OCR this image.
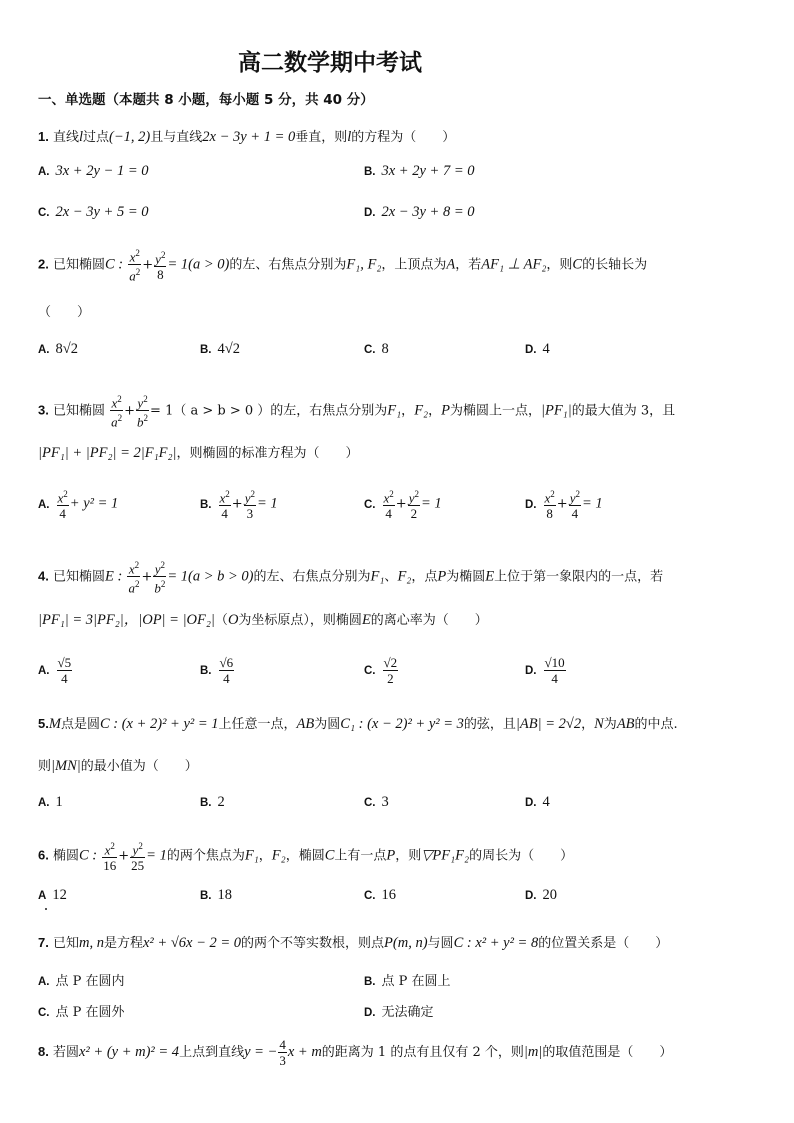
高二数学期中考试
一、单选题（本题共 8 小题，每小题 5 分，共 40 分）
1. 直线l过点(−1, 2)且与直线2x − 3y + 1 = 0垂直，则l的方程为（　　）
A. 3x + 2y − 1 = 0	B. 3x + 2y + 7 = 0
C. 2x − 3y + 5 = 0	D. 2x − 3y + 8 = 0
2. 已知椭圆C : $\frac{x^2}{a^2} + \frac{y^2}{8} = 1(a > 0)$的左、右焦点分别为F₁, F₂，上顶点为A，若AF₁ ⊥ AF₂，则C的长轴长为
（　　）
A. 8√2	B. 4√2	C. 8	D. 4
3. 已知椭圆 $\frac{x^2}{a^2} + \frac{y^2}{b^2} = 1$（ a > b > 0 ）的左，右焦点分别为F₁，F₂，P为椭圆上一点，|PF₁|的最大值为 3，且
|PF₁| + |PF₂| = 2|F₁F₂|，则椭圆的标准方程为（　　）
A. $\frac{x^2}{4} + y^2 = 1$	B. $\frac{x^2}{4} + \frac{y^2}{3} = 1$	C. $\frac{x^2}{4} + \frac{y^2}{2} = 1$	D. $\frac{x^2}{8} + \frac{y^2}{4} = 1$
4. 已知椭圆E : $\frac{x^2}{a^2} + \frac{y^2}{b^2} = 1(a > b > 0)$的左、右焦点分别为F₁、F₂，点P为椭圆E上位于第一象限内的一点，若
|PF₁| = 3|PF₂|，|OP| = |OF₂|（O为坐标原点），则椭圆E的离心率为（　　）
A. $\frac{√5}{4}$	B. $\frac{√6}{4}$	C. $\frac{√2}{2}$	D. $\frac{√10}{4}$
5.M点是圆C : (x + 2)² + y² = 1上任意一点，AB为圆C₁ : (x − 2)² + y² = 3的弦，且|AB| = 2√2，N为AB的中点.
则|MN|的最小值为（　　）
A. 1	B. 2	C. 3	D. 4
6. 椭圆C : $\frac{x^2}{16} + \frac{y^2}{25} = 1$的两个焦点为F₁，F₂，椭圆C上有一点P，则▽PF₁F₂的周长为（　　）
A 12	B. 18	C. 16	D. 20
7. 已知m, n是方程x² + √6x − 2 = 0的两个不等实数根，则点P(m, n)与圆C : x² + y² = 8的位置关系是（　　）
A. 点 P 在圆内	B. 点 P 在圆上
C. 点 P 在圆外	D. 无法确定
8. 若圆x² + (y + m)² = 4上点到直线y = − $\frac{4}{3}$ x + m的距离为 1 的点有且仅有 2 个，则|m|的取值范围是（　　）
